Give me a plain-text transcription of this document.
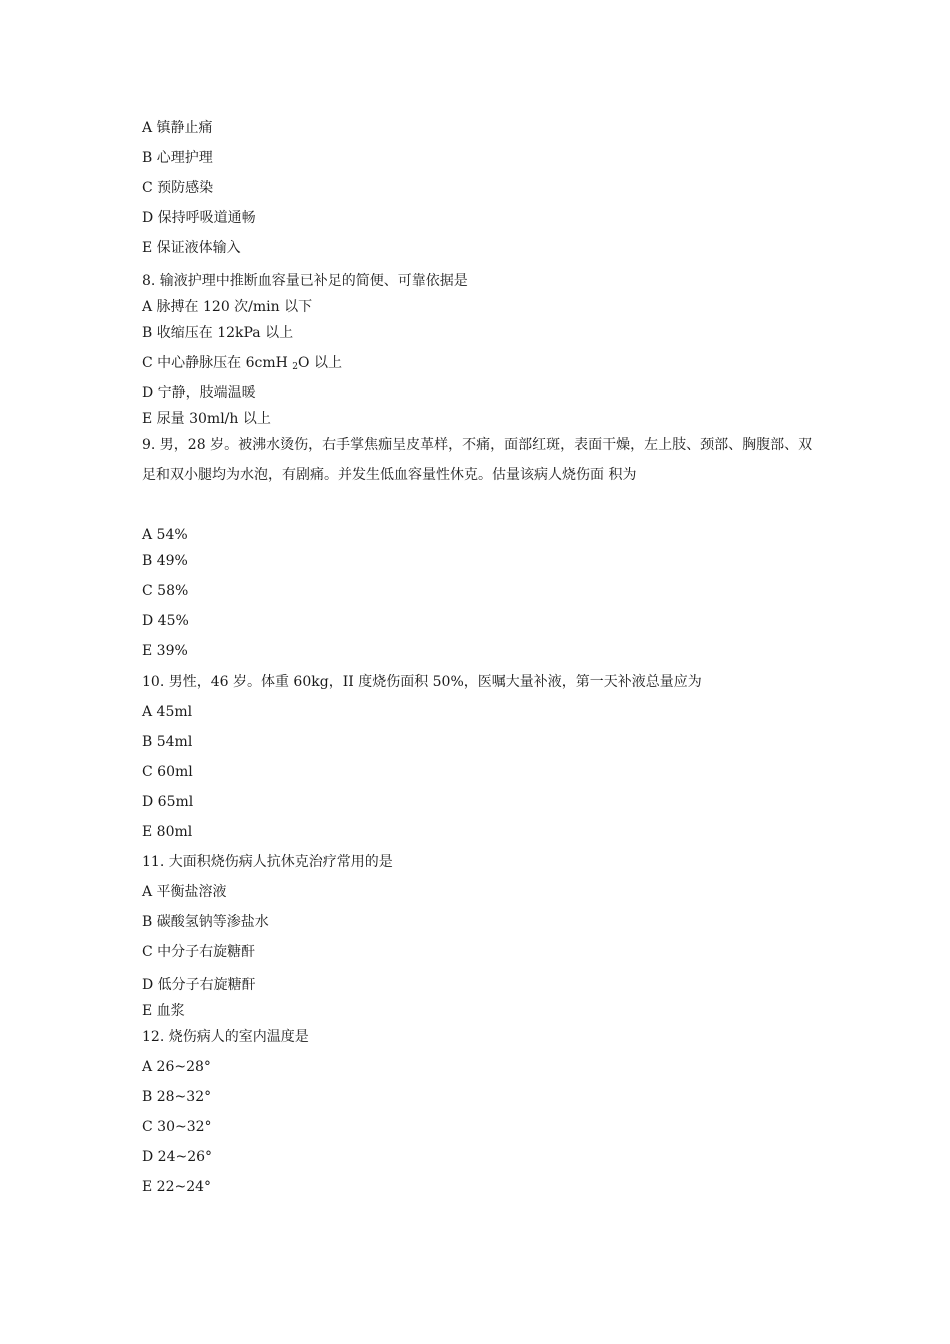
A 镇静止痛
B 心理护理
C 预防感染
D 保持呼吸道通畅
E 保证液体输入
8. 输液护理中推断血容量已补足的简便、可靠依据是
A 脉搏在 120 次/min 以下
B 收缩压在 12kPa 以上
C 中心静脉压在 6cmH $_2$O 以上
D 宁静，肢端温暖
E 尿量 30ml/h 以上
9. 男，28 岁。被沸水烫伤，右手掌焦痂呈皮革样，不痛，面部红斑，表面干燥，左上肢、颈部、胸腹部、双足和双小腿均为水泡，有剧痛。并发生低血容量性休克。估量该病人烧伤面 积为
A 54%
B 49%
C 58%
D 45%
E 39%
10. 男性，46 岁。体重 60kg，II 度烧伤面积 50%，医嘱大量补液，第一天补液总量应为
A 45ml
B 54ml
C 60ml
D 65ml
E 80ml
11. 大面积烧伤病人抗休克治疗常用的是
A 平衡盐溶液
B 碳酸氢钠等渗盐水
C 中分子右旋糖酐
D 低分子右旋糖酐
E 血浆
12. 烧伤病人的室内温度是
A 26~28°
B 28~32°
C 30~32°
D 24~26°
E 22~24°
